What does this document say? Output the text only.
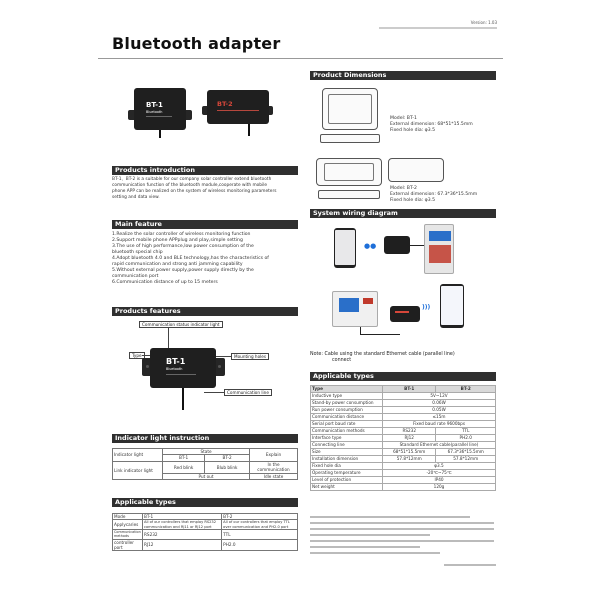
Version: 1.03
Bluetooth adapter
BT-1
Bluetooth
BT-2
Products introduction

BT-1、BT-2 is a suitable for our company solar controller extend bluetooth

communication function of the bluetooth module,cooperate with mobile

phone APP can be realized on the system of wireless monitoring parameters

setting and data view.

Main feature

1.Realize the solar controller of wireless monitoring function

2.Support mobile phone APPplug and play,simple setting

3.The use of high performance,low power consumption of the

bluetooth special chip

4.Adopt bluetooth 4.0 and BLE technology,has the characteristics of

rapid communication and strong anti jamming capability

5.Without external power supply,power supply directly by the

communication port

6.Communication distance of up to 15 meters

Products features
Communication status indicator light
Type	Mounting holes
Communication line
BT-1
Bluetooth
Indicator light instruction
Indicator light	State		Explain
	BT-1	BT-2	
Link indicator light	Red blink	Blub blink	In the
communication

	Put out		Idle state
Applicable types
Mode	BT-1	BT-2
Applycaries	All of our controllers that employ RS232 communication and RJ11 or RJ12 port	All of our controllers that employ TTL over communication and PH2.0 port
Communication methods	RS232	TTL
controller port	RJ12	PH2.0
Product Dimensions

Model: BT-1

External dimension: 68*51*15.5mm

Fixed hole dia: φ3.5

Model: BT-2

External dimension: 67.3*36*15.5mm

Fixed hole dia: φ3.5

System wiring diagram
●●
)))

Note: Cable using the standard Ethernet cable (parallel line)

connect

Applicable types
Type	BT-1	BT-2
Inductive type	5V~12V	
Stand-by power consumption	0.06W	
Run power consumption	0.05W	
Communication distance	≤15m	
Serial port baud rate	Fixed baud rate 9600bps	
Communication methods	RS232	TTL
Interface type	RJ12	PH2.0
Connecting line	Standard Ethernet cable(parallel line)	
Size	68*51*15.5mm	67.3*36*15.5mm
Installation dimension	57.8*12mm	57.8*12mm
Fixed hole dia	φ3.5	
Operating temperature	-20℃~75℃	
Level of protection	IP40	
Net weight	120g	
